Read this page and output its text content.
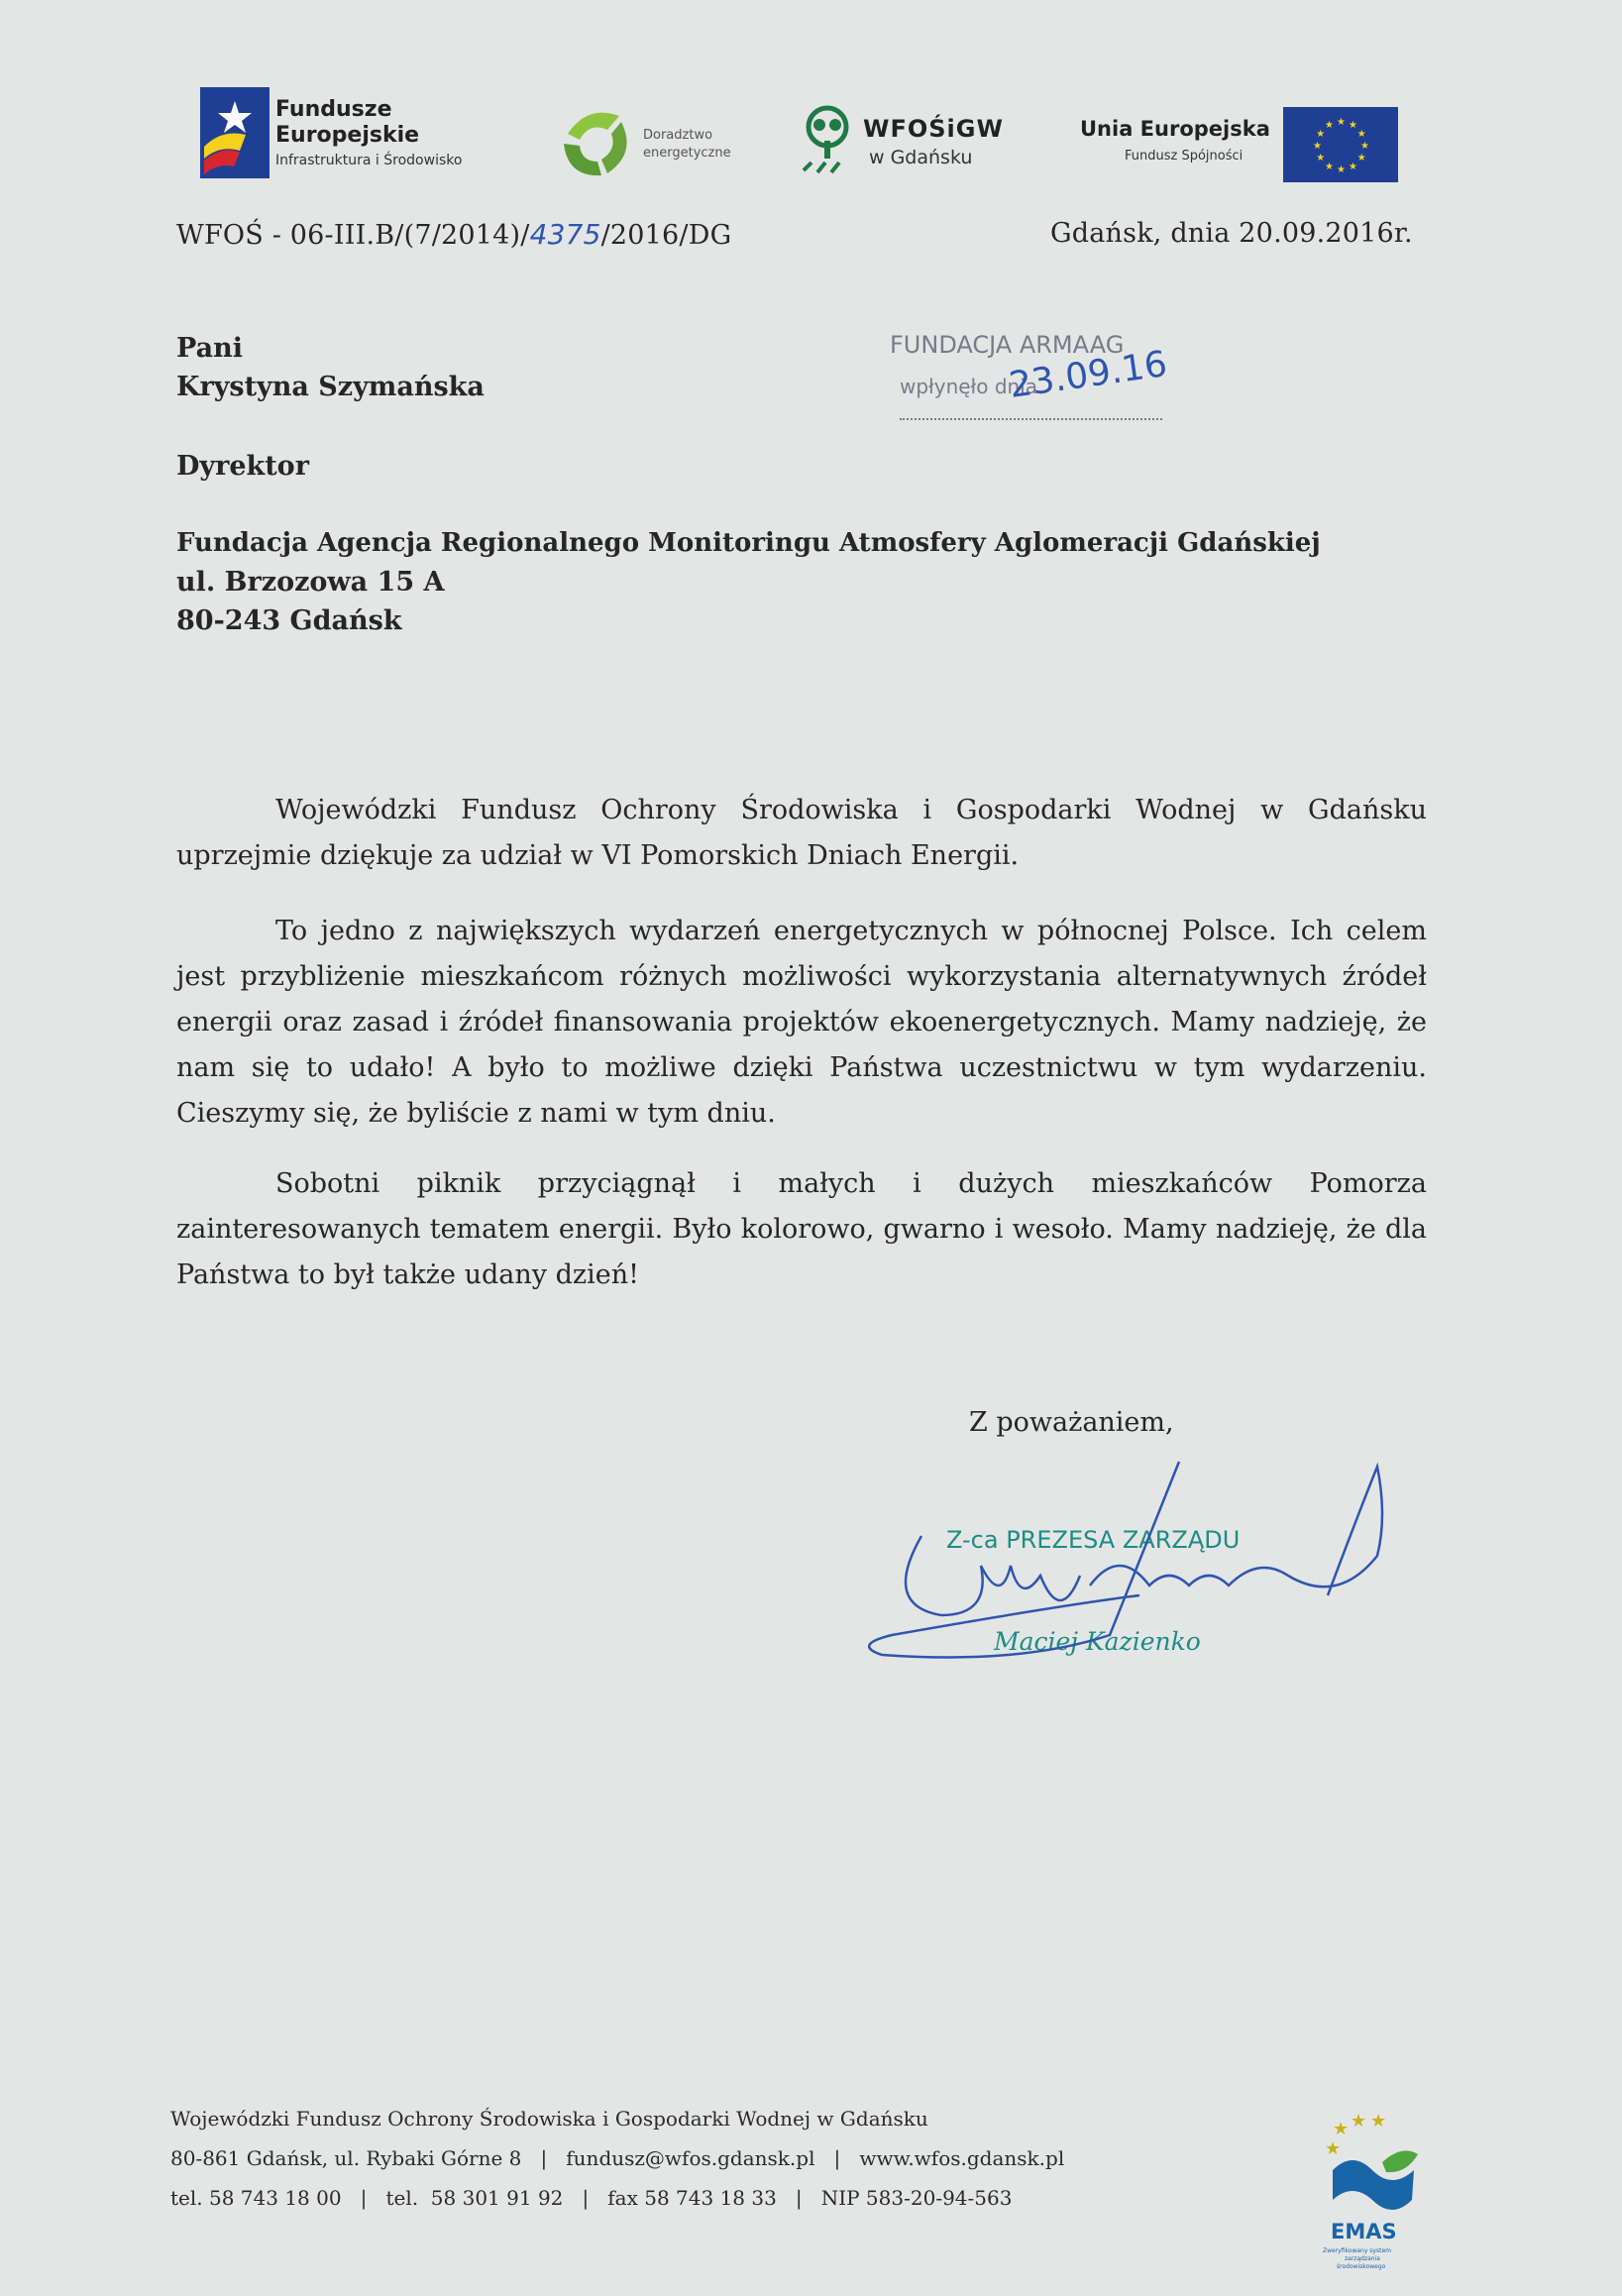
Fundusze
Europejskie
Infrastruktura i Środowisko
Doradztwo
energetyczne
WFOŚiGW
w Gdańsku
Unia Europejska
Fundusz Spójności
★ ★
★
★
★
★
★
★
★
★
★
★
WFOŚ - 06-III.B/(7/2014)/4375/2016/DG	Gdańsk, dnia 20.09.2016r.
Pani
Krystyna Szymańska
Dyrektor
Fundacja Agencja Regionalnego Monitoringu Atmosfery Aglomeracji Gdańskiej
ul. Brzozowa 15 A
80-243 Gdańsk
FUNDACJA ARMAAG
wpłynęło dnia
23.09.16
Wojewódzki Fundusz Ochrony Środowiska i Gospodarki Wodnej w Gdańsku uprzejmie dziękuje za udział w VI Pomorskich Dniach Energii.
To jedno z największych wydarzeń energetycznych w północnej Polsce. Ich celem jest przybliżenie mieszkańcom różnych możliwości wykorzystania alternatywnych źródeł energii oraz zasad i źródeł finansowania projektów ekoenergetycznych. Mamy nadzieję, że nam się to udało! A było to możliwe dzięki Państwa uczestnictwu w tym wydarzeniu. Cieszymy się, że byliście z nami w tym dniu.
Sobotni piknik przyciągnął i małych i dużych mieszkańców Pomorza zainteresowanych tematem energii. Było kolorowo, gwarno i wesoło. Mamy nadzieję, że dla Państwa to był także udany dzień!
Z poważaniem,
Z-ca PREZESA ZARZĄDU
Maciej Kazienko
Wojewódzki Fundusz Ochrony Środowiska i Gospodarki Wodnej w Gdańsku
80-861 Gdańsk, ul. Rybaki Górne 8   |   fundusz@wfos.gdansk.pl   |   www.wfos.gdansk.pl
tel. 58 743 18 00   |   tel.  58 301 91 92   |   fax 58 743 18 33   |   NIP 583-20-94-563
★ ★ ★
★
EMAS
Zweryfikowany system
zarządzania
środowiskowego
